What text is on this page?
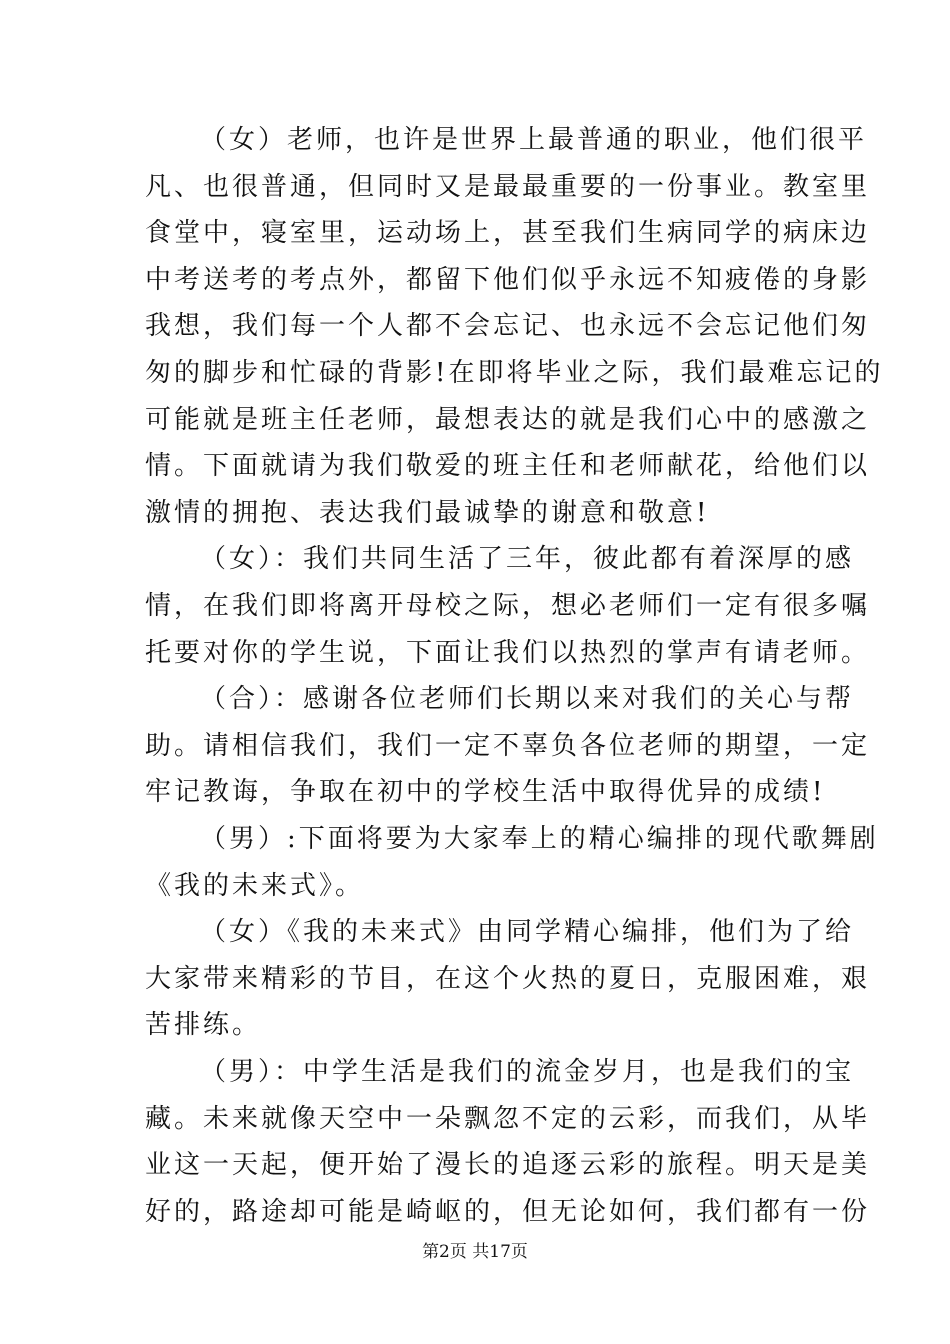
（女）老师，也许是世界上最普通的职业，他们很平
凡、也很普通，但同时又是最最重要的一份事业。教室里
食堂中，寝室里，运动场上，甚至我们生病同学的病床边
中考送考的考点外，都留下他们似乎永远不知疲倦的身影
我想，我们每一个人都不会忘记、也永远不会忘记他们匆
匆的脚步和忙碌的背影!在即将毕业之际，我们最难忘记的
可能就是班主任老师，最想表达的就是我们心中的感激之
情。下面就请为我们敬爱的班主任和老师献花，给他们以
激情的拥抱、表达我们最诚挚的谢意和敬意!
（女）：我们共同生活了三年，彼此都有着深厚的感
情，在我们即将离开母校之际，想必老师们一定有很多嘱
托要对你的学生说，下面让我们以热烈的掌声有请老师。
（合）：感谢各位老师们长期以来对我们的关心与帮
助。请相信我们，我们一定不辜负各位老师的期望，一定
牢记教诲，争取在初中的学校生活中取得优异的成绩!
（男）:下面将要为大家奉上的精心编排的现代歌舞剧
《我的未来式》。
（女）《我的未来式》由同学精心编排，他们为了给
大家带来精彩的节目，在这个火热的夏日，克服困难，艰
苦排练。
（男）：中学生活是我们的流金岁月，也是我们的宝
藏。未来就像天空中一朵飘忽不定的云彩，而我们，从毕
业这一天起，便开始了漫长的追逐云彩的旅程。明天是美
好的，路途却可能是崎岖的，但无论如何，我们都有一份
第2页 共17页
